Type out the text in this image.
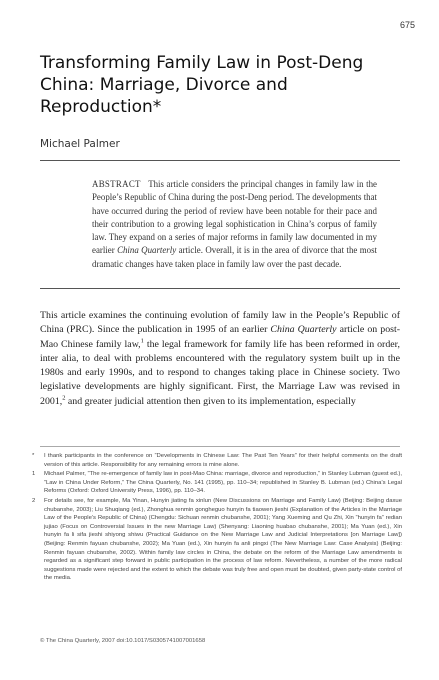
675
Transforming Family Law in Post-Deng China: Marriage, Divorce and Reproduction*
Michael Palmer

ABSTRACT This article considers the principal changes in family law in the People’s Republic of China during the post-Deng period. The developments that have occurred during the period of review have been notable for their pace and their contribution to a growing legal sophistication in China’s corpus of family law. They expand on a series of major reforms in family law documented in my earlier China Quarterly article. Overall, it is in the area of divorce that the most dramatic changes have taken place in family law over the past decade.

This article examines the continuing evolution of family law in the People’s Republic of China (PRC). Since the publication in 1995 of an earlier China Quarterly article on post-Mao Chinese family law,$^1$ the legal framework for family life has been reformed in order, inter alia, to deal with problems encountered with the regulatory system built up in the 1980s and early 1990s, and to respond to changes taking place in Chinese society. Two legislative developments are highly significant. First, the Marriage Law was revised in 2001,$^2$ and greater judicial attention then given to its implementation, especially

* I thank participants in the conference on “Developments in Chinese Law: The Past Ten Years” for their helpful comments on the draft version of this article. Responsibility for any remaining errors is mine alone.
1 Michael Palmer, “The re-emergence of family law in post-Mao China: marriage, divorce and reproduction,” in Stanley Lubman (guest ed.), “Law in China Under Reform,” The China Quarterly, No. 141 (1995), pp. 110–34; republished in Stanley B. Lubman (ed.) China’s Legal Reforms (Oxford: Oxford University Press, 1996), pp. 110–34.
2 For details see, for example, Ma Yinan, Hunyin jiating fa xinlun (New Discussions on Marriage and Family Law) (Beijing: Beijing daxue chubanshe, 2003); Liu Shuqiang (ed.), Zhonghua renmin gongheguo hunyin fa tiaowen jieshi (Explanation of the Articles in the Marriage Law of the People’s Republic of China) (Chengdu: Sichuan renmin chubanshe, 2001); Yang Xueming and Qu Zhi, Xin “hunyin fa” redian jujiao (Focus on Controversial Issues in the new Marriage Law) (Shenyang: Liaoning huabao chubanshe, 2001); Ma Yuan (ed.), Xin hunyin fa li sifa jieshi shiyong shiwu (Practical Guidance on the New Marriage Law and Judicial Interpretations [on Marriage Law]) (Beijing: Renmin fayuan chubanshe, 2002); Ma Yuan (ed.), Xin hunyin fa anli pingxi (The New Marriage Law: Case Analysis) (Beijing: Renmin fayuan chubanshe, 2002). Within family law circles in China, the debate on the reform of the Marriage Law amendments is regarded as a significant step forward in public participation in the process of law reform. Nevertheless, a number of the more radical suggestions made were rejected and the extent to which the debate was truly free and open must be doubted, given party-state control of the media.
© The China Quarterly, 2007 doi:10.1017/S0305741007001658
